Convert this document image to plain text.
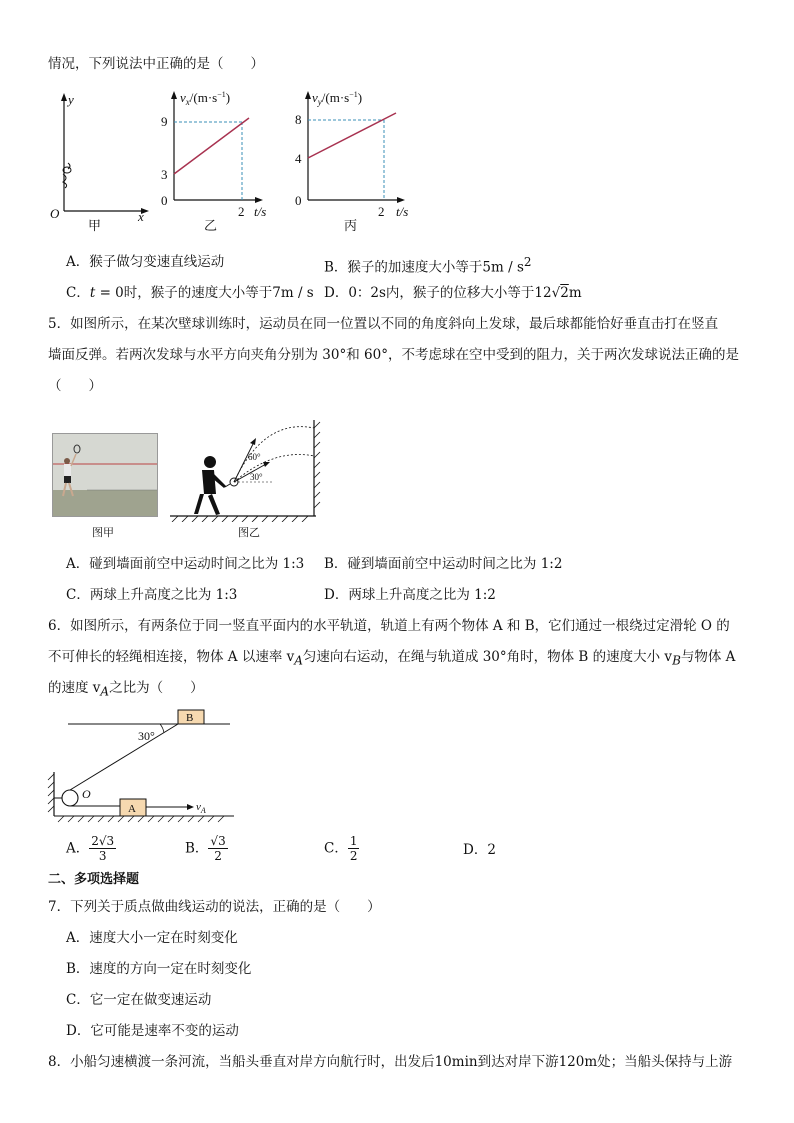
情况，下列说法中正确的是（　　）
y
O	x
甲
$v_x/(m\cdot s^{-1})$
9
3
0
2 t/s
乙
$v_y/(m\cdot s^{-1})$
8
4
0
2 t/s
丙
A．猴子做匀变速直线运动	B．猴子的加速度大小等于$5m / s^2$
C．t = 0时，猴子的速度大小等于7m / s D．0：2s内，猴子的位移大小等于12√2m
5．如图所示，在某次壁球训练时，运动员在同一位置以不同的角度斜向上发球，最后球都能恰好垂直击打在竖直
墙面反弹。若两次发球与水平方向夹角分别为 30°和 60°，不考虑球在空中受到的阻力，关于两次发球说法正确的是
（　　）
图甲
60°
30°
图乙
A．碰到墙面前空中运动时间之比为 1:3 B．碰到墙面前空中运动时间之比为 1:2
C．两球上升高度之比为 1:3	D．两球上升高度之比为 1:2
6．如图所示，有两条位于同一竖直平面内的水平轨道，轨道上有两个物体 A 和 B，它们通过一根绕过定滑轮 O 的
不可伸长的轻绳相连接，物体 A 以速率 $v_A$匀速向右运动，在绳与轨道成 30°角时，物体 B 的速度大小 $v_B$与物体 A
的速度 $v_A$之比为（　　）
B
30°
O
A	$v_A$
A． $\frac{2√3}{3}$	B． $\frac{√3}{2}$	C． $\frac{1}{2}$	D．2
二、多项选择题
7．下列关于质点做曲线运动的说法，正确的是（　　）
A．速度大小一定在时刻变化
B．速度的方向一定在时刻变化
C．它一定在做变速运动
D．它可能是速率不变的运动
8．小船匀速横渡一条河流，当船头垂直对岸方向航行时，出发后10min到达对岸下游120m处；当船头保持与上游
